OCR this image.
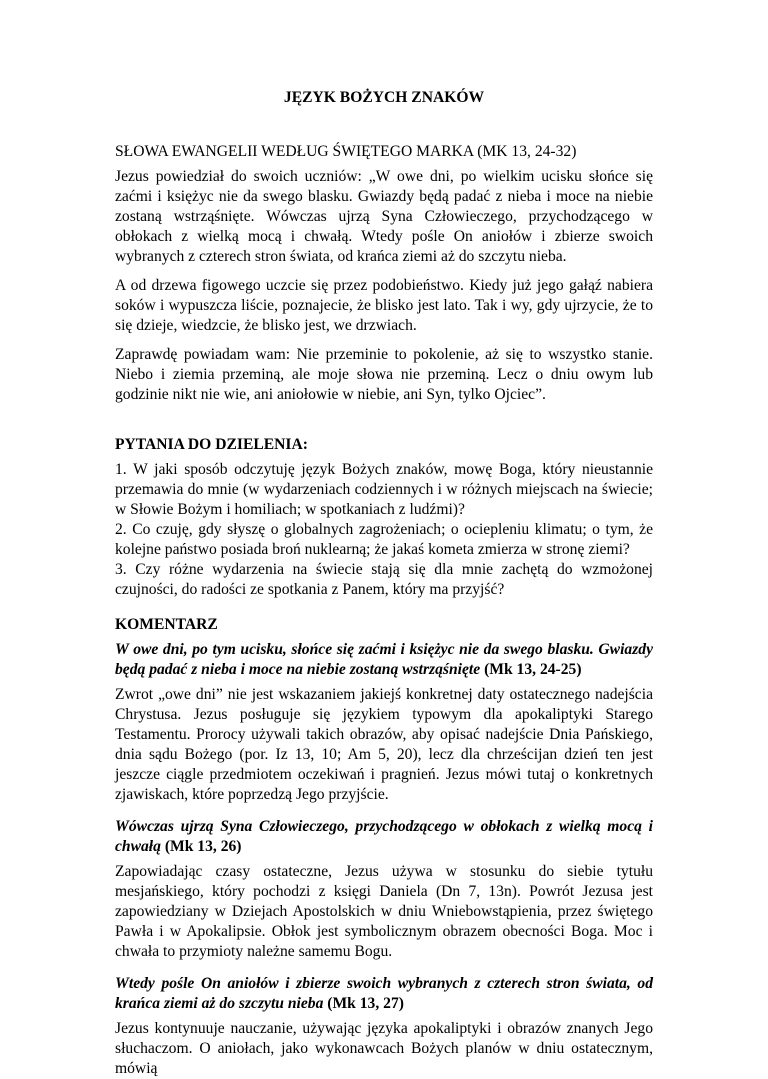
JĘZYK BOŻYCH ZNAKÓW
SŁOWA EWANGELII WEDŁUG ŚWIĘTEGO MARKA (MK 13, 24-32)

Jezus powiedział do swoich uczniów: „W owe dni, po wielkim ucisku słońce się zaćmi i księżyc nie da swego blasku. Gwiazdy będą padać z nieba i moce na niebie zostaną wstrząśnięte. Wówczas ujrzą Syna Człowieczego, przychodzącego w obłokach z wielką mocą i chwałą. Wtedy pośle On aniołów i zbierze swoich wybranych z czterech stron świata, od krańca ziemi aż do szczytu nieba.

A od drzewa figowego uczcie się przez podobieństwo. Kiedy już jego gałąź nabiera soków i wypuszcza liście, poznajecie, że blisko jest lato. Tak i wy, gdy ujrzycie, że to się dzieje, wiedzcie, że blisko jest, we drzwiach.

Zaprawdę powiadam wam: Nie przeminie to pokolenie, aż się to wszystko stanie. Niebo i ziemia przeminą, ale moje słowa nie przeminą. Lecz o dniu owym lub godzinie nikt nie wie, ani aniołowie w niebie, ani Syn, tylko Ojciec”.

PYTANIA DO DZIELENIA:
1. W jaki sposób odczytuję język Bożych znaków, mowę Boga, który nieustannie przemawia do mnie (w wydarzeniach codziennych i w różnych miejscach na świecie; w Słowie Bożym i homiliach; w spotkaniach z ludźmi)?
2. Co czuję, gdy słyszę o globalnych zagrożeniach; o ociepleniu klimatu; o tym, że kolejne państwo posiada broń nuklearną; że jakaś kometa zmierza w stronę ziemi?
3. Czy różne wydarzenia na świecie stają się dla mnie zachętą do wzmożonej czujności, do radości ze spotkania z Panem, który ma przyjść?
KOMENTARZ
W owe dni, po tym ucisku, słońce się zaćmi i księżyc nie da swego blasku. Gwiazdy będą padać z nieba i moce na niebie zostaną wstrząśnięte (Mk 13, 24-25)
Zwrot „owe dni” nie jest wskazaniem jakiejś konkretnej daty ostatecznego nadejścia Chrystusa. Jezus posługuje się językiem typowym dla apokaliptyki Starego Testamentu. Prorocy używali takich obrazów, aby opisać nadejście Dnia Pańskiego, dnia sądu Bożego (por. Iz 13, 10; Am 5, 20), lecz dla chrześcijan dzień ten jest jeszcze ciągle przedmiotem oczekiwań i pragnień. Jezus mówi tutaj o konkretnych zjawiskach, które poprzedzą Jego przyjście.
Wówczas ujrzą Syna Człowieczego, przychodzącego w obłokach z wielką mocą i chwałą (Mk 13, 26)
Zapowiadając czasy ostateczne, Jezus używa w stosunku do siebie tytułu mesjańskiego, który pochodzi z księgi Daniela (Dn 7, 13n). Powrót Jezusa jest zapowiedziany w Dziejach Apostolskich w dniu Wniebowstąpienia, przez świętego Pawła i w Apokalipsie. Obłok jest symbolicznym obrazem obecności Boga. Moc i chwała to przymioty należne samemu Bogu.
Wtedy pośle On aniołów i zbierze swoich wybranych z czterech stron świata, od krańca ziemi aż do szczytu nieba (Mk 13, 27)
Jezus kontynuuje nauczanie, używając języka apokaliptyki i obrazów znanych Jego słuchaczom. O aniołach, jako wykonawcach Bożych planów w dniu ostatecznym, mówią
